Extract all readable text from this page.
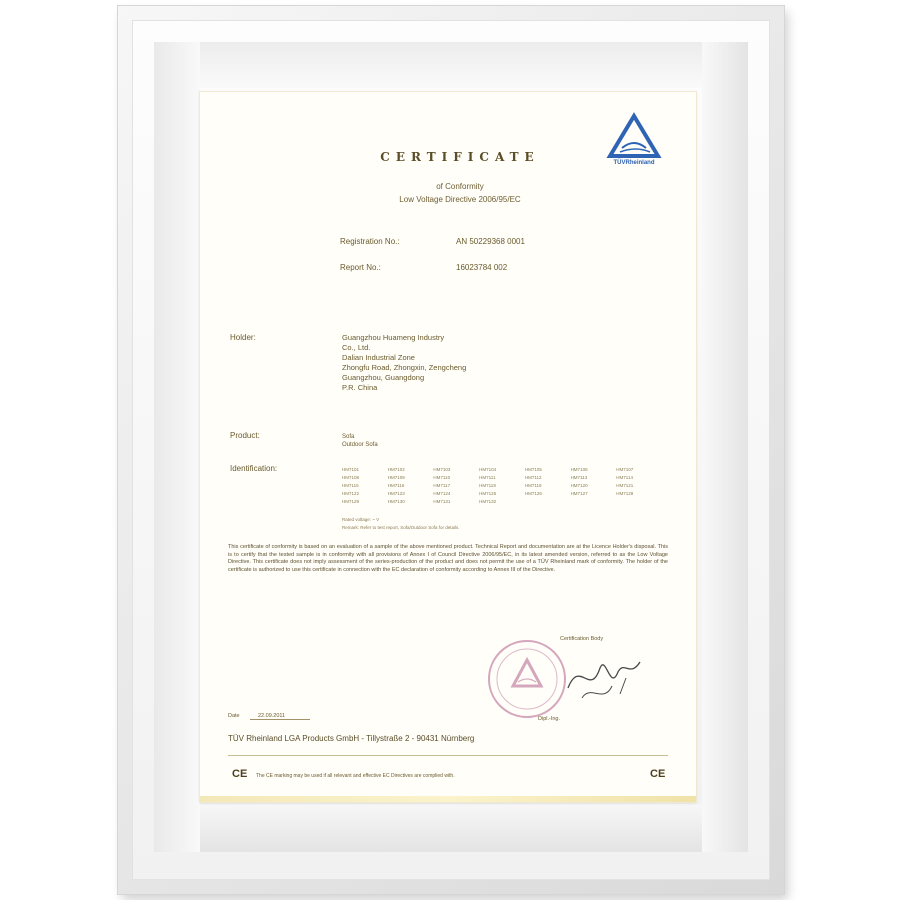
TÜVRheinland
CERTIFICATE
of Conformity
Low Voltage Directive 2006/95/EC
Registration No.:	AN 50229368 0001
Report No.:	16023784 002
Holder:	Guangzhou Huameng Industry
Co., Ltd.
Dalian Industrial Zone
Zhongfu Road, Zhongxin, Zengcheng
Guangzhou, Guangdong
P.R. China
Product:	Sofa
Outdoor Sofa
Identification:	HM7101	HM7102	HM7103	HM7104	HM7105	HM7106	HM7107
HM7108	HM7109	HM7110	HM7111	HM7112	HM7113	HM7114
HM7115	HM7116	HM7117	HM7118	HM7119	HM7120	HM7121
HM7122	HM7123	HM7124	HM7125	HM7126	HM7127	HM7128
HM7129	HM7130	HM7131	HM7132
Rated voltage: ~ V
Remark: Refer to test report, Sofa/Outdoor Sofa for details.
This certificate of conformity is based on an evaluation of a sample of the above mentioned product. Technical Report and documentation are at the Licence Holder's disposal. This is to certify that the tested sample is in conformity with all provisions of Annex I of Council Directive 2006/95/EC, in its latest amended version, referred to as the Low Voltage Directive. This certificate does not imply assessment of the series-production of the product and does not permit the use of a TÜV Rheinland mark of conformity. The holder of the certificate is authorized to use this certificate in connection with the EC declaration of conformity according to Annex III of the Directive.
Certification Body
Dipl.-Ing.
Date	22.09.2011
TÜV Rheinland LGA Products GmbH - Tillystraße 2 - 90431 Nürnberg
CE The CE marking may be used if all relevant and effective EC Directives are complied with.	CE
